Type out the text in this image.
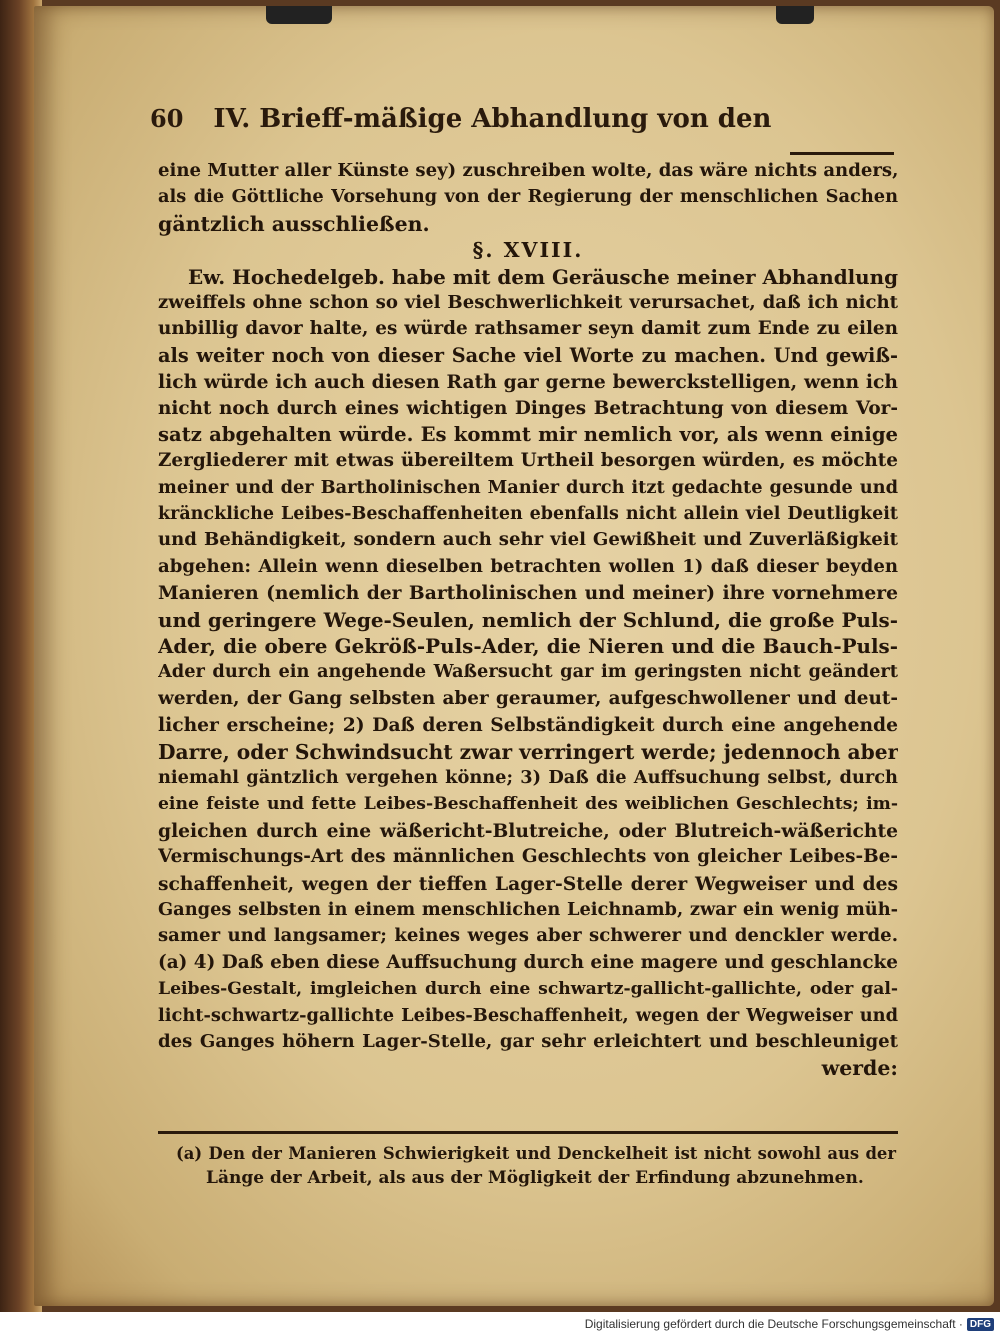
60 IV. Brieff-mäßige Abhandlung von den
eine Mutter aller Künste sey) zuschreiben wolte, das wäre nichts anders,
als die Göttliche Vorsehung von der Regierung der menschlichen Sachen
gäntzlich ausschließen.
§. XVIII.
Ew. Hochedelgeb. habe mit dem Geräusche meiner Abhandlung
zweiffels ohne schon so viel Beschwerlichkeit verursachet, daß ich nicht
unbillig davor halte, es würde rathsamer seyn damit zum Ende zu eilen
als weiter noch von dieser Sache viel Worte zu machen. Und gewiß-
lich würde ich auch diesen Rath gar gerne bewerckstelligen, wenn ich
nicht noch durch eines wichtigen Dinges Betrachtung von diesem Vor-
satz abgehalten würde. Es kommt mir nemlich vor, als wenn einige
Zergliederer mit etwas übereiltem Urtheil besorgen würden, es möchte
meiner und der Bartholinischen Manier durch itzt gedachte gesunde und
kränckliche Leibes-Beschaffenheiten ebenfalls nicht allein viel Deutligkeit
und Behändigkeit, sondern auch sehr viel Gewißheit und Zuverläßigkeit
abgehen: Allein wenn dieselben betrachten wollen 1) daß dieser beyden
Manieren (nemlich der Bartholinischen und meiner) ihre vornehmere
und geringere Wege-Seulen, nemlich der Schlund, die große Puls-
Ader, die obere Gekröß-Puls-Ader, die Nieren und die Bauch-Puls-
Ader durch ein angehende Waßersucht gar im geringsten nicht geändert
werden, der Gang selbsten aber geraumer, aufgeschwollener und deut-
licher erscheine; 2) Daß deren Selbständigkeit durch eine angehende
Darre, oder Schwindsucht zwar verringert werde; jedennoch aber
niemahl gäntzlich vergehen könne; 3) Daß die Auffsuchung selbst, durch
eine feiste und fette Leibes-Beschaffenheit des weiblichen Geschlechts; im-
gleichen durch eine wäßericht-Blutreiche, oder Blutreich-wäßerichte
Vermischungs-Art des männlichen Geschlechts von gleicher Leibes-Be-
schaffenheit, wegen der tieffen Lager-Stelle derer Wegweiser und des
Ganges selbsten in einem menschlichen Leichnamb, zwar ein wenig müh-
samer und langsamer; keines weges aber schwerer und denckler werde.
(a) 4) Daß eben diese Auffsuchung durch eine magere und geschlancke
Leibes-Gestalt, imgleichen durch eine schwartz-gallicht-gallichte, oder gal-
licht-schwartz-gallichte Leibes-Beschaffenheit, wegen der Wegweiser und
des Ganges höhern Lager-Stelle, gar sehr erleichtert und beschleuniget
werde:
(a) Den der Manieren Schwierigkeit und Denckelheit ist nicht sowohl aus der
Länge der Arbeit, als aus der Mögligkeit der Erfindung abzunehmen.
Digitalisierung gefördert durch die Deutsche Forschungsgemeinschaft · DFG
